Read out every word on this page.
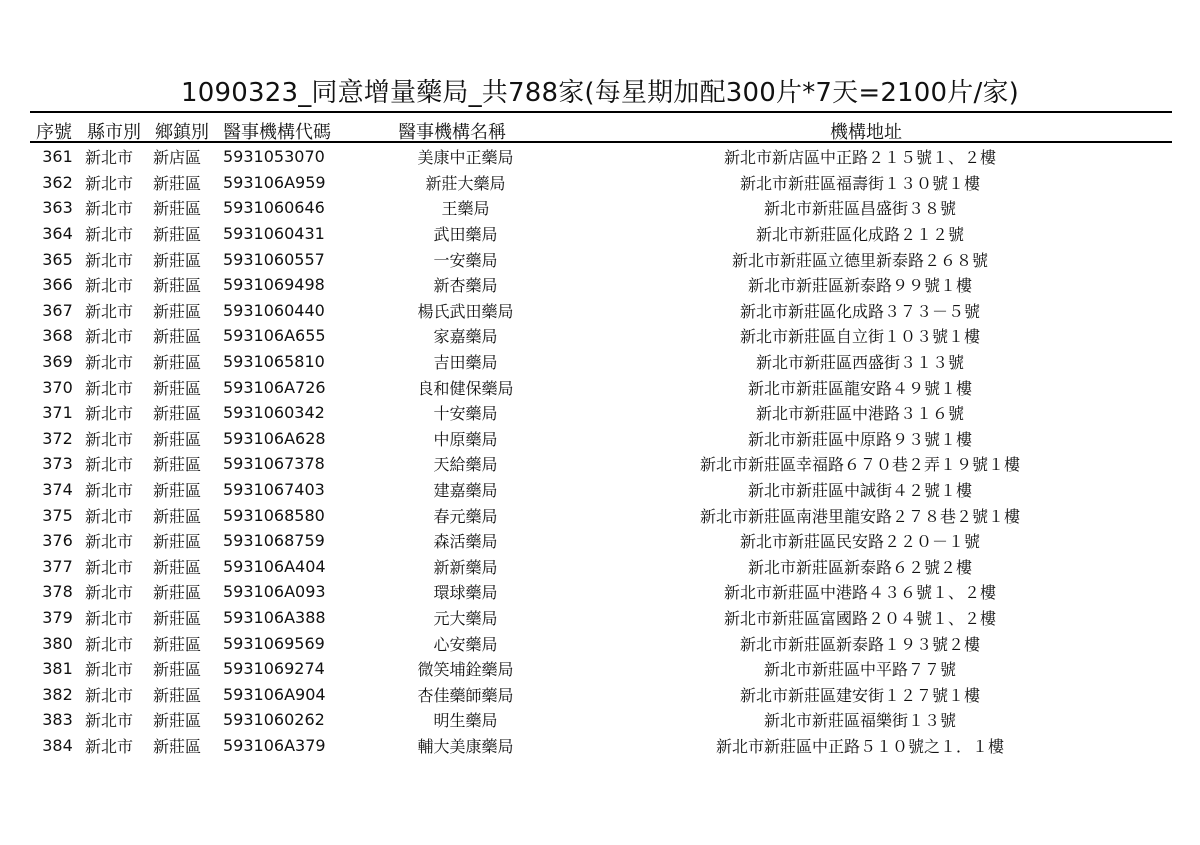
1090323_同意增量藥局_共788家(每星期加配300片*7天=2100片/家)
序號 縣市別 鄉鎮別 醫事機構代碼	醫事機構名稱	機構地址
361	新北市	新店區	5931053070	美康中正藥局	新北市新店區中正路２１５號１、２樓
362	新北市	新莊區	593106A959	新莊大藥局	新北市新莊區福壽街１３０號１樓
363	新北市	新莊區	5931060646	王藥局	新北市新莊區昌盛街３８號
364	新北市	新莊區	5931060431	武田藥局	新北市新莊區化成路２１２號
365	新北市	新莊區	5931060557	一安藥局	新北市新莊區立德里新泰路２６８號
366	新北市	新莊區	5931069498	新杏藥局	新北市新莊區新泰路９９號１樓
367	新北市	新莊區	5931060440	楊氏武田藥局	新北市新莊區化成路３７３－５號
368	新北市	新莊區	593106A655	家嘉藥局	新北市新莊區自立街１０３號１樓
369	新北市	新莊區	5931065810	吉田藥局	新北市新莊區西盛街３１３號
370	新北市	新莊區	593106A726	良和健保藥局	新北市新莊區龍安路４９號１樓
371	新北市	新莊區	5931060342	十安藥局	新北市新莊區中港路３１６號
372	新北市	新莊區	593106A628	中原藥局	新北市新莊區中原路９３號１樓
373	新北市	新莊區	5931067378	天給藥局	新北市新莊區幸福路６７０巷２弄１９號１樓
374	新北市	新莊區	5931067403	建嘉藥局	新北市新莊區中誠街４２號１樓
375	新北市	新莊區	5931068580	春元藥局	新北市新莊區南港里龍安路２７８巷２號１樓
376	新北市	新莊區	5931068759	森活藥局	新北市新莊區民安路２２０－１號
377	新北市	新莊區	593106A404	新新藥局	新北市新莊區新泰路６２號２樓
378	新北市	新莊區	593106A093	環球藥局	新北市新莊區中港路４３６號１、２樓
379	新北市	新莊區	593106A388	元大藥局	新北市新莊區富國路２０４號１、２樓
380	新北市	新莊區	5931069569	心安藥局	新北市新莊區新泰路１９３號２樓
381	新北市	新莊區	5931069274	微笑埔銓藥局	新北市新莊區中平路７７號
382	新北市	新莊區	593106A904	杏佳藥師藥局	新北市新莊區建安街１２７號１樓
383	新北市	新莊區	5931060262	明生藥局	新北市新莊區福樂街１３號
384	新北市	新莊區	593106A379	輔大美康藥局	新北市新莊區中正路５１０號之１．１樓
